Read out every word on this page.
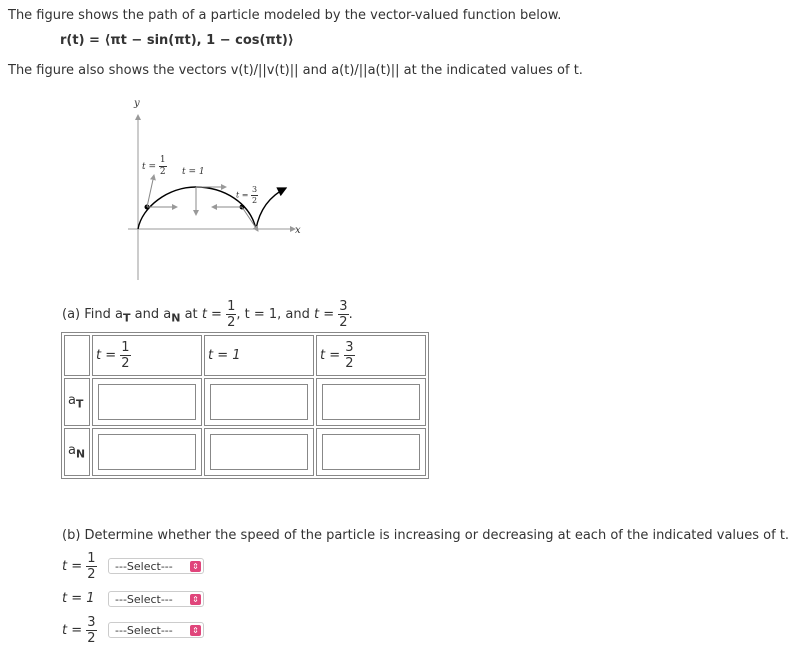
The figure shows the path of a particle modeled by the vector-valued function below.
r(t) = ⟨πt − sin(πt), 1 − cos(πt)⟩
The figure also shows the vectors v(t)/||v(t)|| and a(t)/||a(t)|| at the indicated values of t.
y
x
$t = \frac{1}{2}$ t = 1
$t = \frac{3}{2}$
(a) Find $a_T$ and $a_N$ at $t = \frac{1}{2}$ , t = 1, and $t = \frac{3}{2}$ .
	$t = \frac{1}{2}$	t = 1	$t = \frac{3}{2}$

$a_T$	

$a_N$	

(b) Determine whether the speed of the particle is increasing or decreasing at each of the indicated values of t.
$t = \frac{1}{2}$	---Select--- ⇕
t = 1	---Select--- ⇕
$t = \frac{3}{2}$	---Select--- ⇕
